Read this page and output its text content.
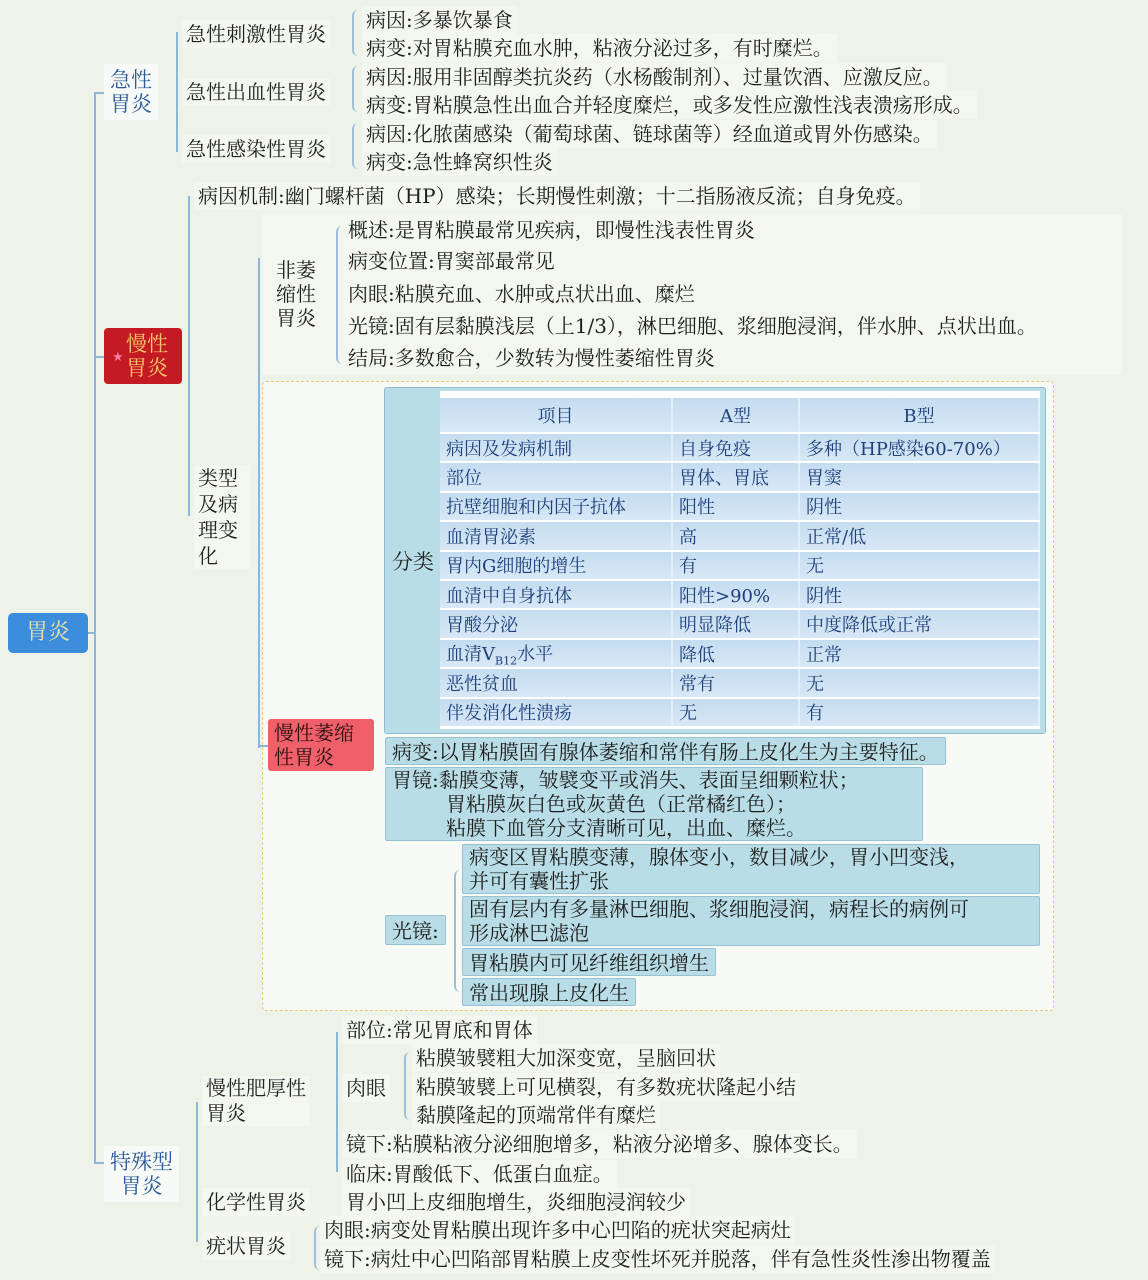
胃炎
急性
胃炎
急性刺激性胃炎
病因:多暴饮暴食
病变:对胃粘膜充血水肿，粘液分泌过多，有时糜烂。
急性出血性胃炎
病因:服用非固醇类抗炎药（水杨酸制剂）、过量饮酒、应激反应。
病变:胃粘膜急性出血合并轻度糜烂，或多发性应激性浅表溃疡形成。
急性感染性胃炎
病因:化脓菌感染（葡萄球菌、链球菌等）经血道或胃外伤感染。
病变:急性蜂窝织性炎
★
慢性
胃炎
病因机制:幽门螺杆菌（HP）感染；长期慢性刺激；十二指肠液反流；自身免疫。
类型
及病
理变
化
非萎
缩性
胃炎
概述:是胃粘膜最常见疾病，即慢性浅表性胃炎
病变位置:胃窦部最常见
肉眼:粘膜充血、水肿或点状出血、糜烂
光镜:固有层黏膜浅层（上1/3），淋巴细胞、浆细胞浸润，伴水肿、点状出血。
结局:多数愈合，少数转为慢性萎缩性胃炎
分类
项目	A型	B型
病因及发病机制	自身免疫	多种（HP感染60-70%）
部位	胃体、胃底	胃窦
抗壁细胞和内因子抗体	阳性	阴性
血清胃泌素	高	正常/低
胃内G细胞的增生	有	无
血清中自身抗体	阳性>90%	阴性
胃酸分泌	明显降低	中度降低或正常
血清$V_{B12}$水平	降低	正常
恶性贫血	常有	无
伴发消化性溃疡	无	有
慢性萎缩
性胃炎	病变:以胃粘膜固有腺体萎缩和常伴有肠上皮化生为主要特征。
胃镜:黏膜变薄，皱襞变平或消失、表面呈细颗粒状；
胃粘膜灰白色或灰黄色（正常橘红色）；
粘膜下血管分支清晰可见，出血、糜烂。
光镜:
病变区胃粘膜变薄，腺体变小，数目减少，胃小凹变浅，
并可有囊性扩张
固有层内有多量淋巴细胞、浆细胞浸润，病程长的病例可
形成淋巴滤泡
胃粘膜内可见纤维组织增生
常出现腺上皮化生
特殊型
胃炎
慢性肥厚性
胃炎
部位:常见胃底和胃体
肉眼
粘膜皱襞粗大加深变宽，呈脑回状
粘膜皱襞上可见横裂，有多数疣状隆起小结
黏膜隆起的顶端常伴有糜烂
镜下:粘膜粘液分泌细胞增多，粘液分泌增多、腺体变长。
临床:胃酸低下、低蛋白血症。
化学性胃炎 胃小凹上皮细胞增生，炎细胞浸润较少
疣状胃炎
肉眼:病变处胃粘膜出现许多中心凹陷的疣状突起病灶
镜下:病灶中心凹陷部胃粘膜上皮变性坏死并脱落，伴有急性炎性渗出物覆盖
